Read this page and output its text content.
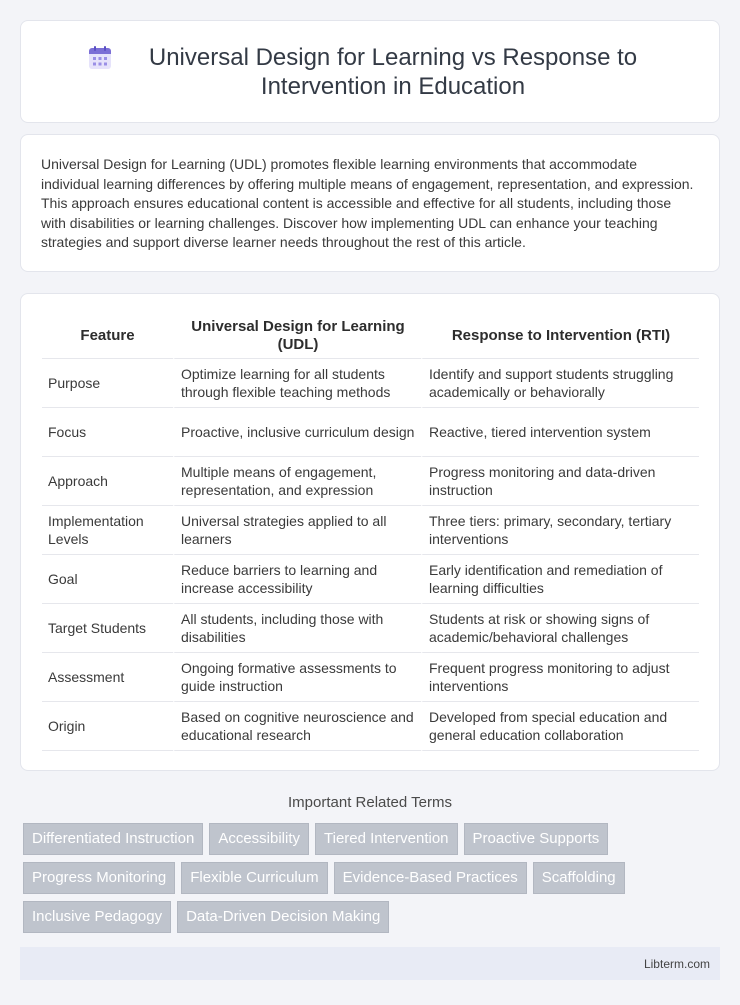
Universal Design for Learning vs Response to Intervention in Education

Universal Design for Learning (UDL) promotes flexible learning environments that accommodate individual learning differences by offering multiple means of engagement, representation, and expression. This approach ensures educational content is accessible and effective for all students, including those with disabilities or learning challenges. Discover how implementing UDL can enhance your teaching strategies and support diverse learner needs throughout the rest of this article.

Feature	Universal Design for Learning (UDL)	Response to Intervention (RTI)
Purpose	Optimize learning for all students through flexible teaching methods	Identify and support students struggling academically or behaviorally
Focus	Proactive, inclusive curriculum design	Reactive, tiered intervention system
Approach	Multiple means of engagement, representation, and expression	Progress monitoring and data-driven instruction
Implementation Levels	Universal strategies applied to all learners	Three tiers: primary, secondary, tertiary interventions
Goal	Reduce barriers to learning and increase accessibility	Early identification and remediation of learning difficulties
Target Students	All students, including those with disabilities	Students at risk or showing signs of academic/behavioral challenges
Assessment	Ongoing formative assessments to guide instruction	Frequent progress monitoring to adjust interventions
Origin	Based on cognitive neuroscience and educational research	Developed from special education and general education collaboration
Important Related Terms
Differentiated Instruction	Accessibility	Tiered Intervention	Proactive Supports
Progress Monitoring	Flexible Curriculum	Evidence-Based Practices	Scaffolding
Inclusive Pedagogy	Data-Driven Decision Making
Libterm.com
